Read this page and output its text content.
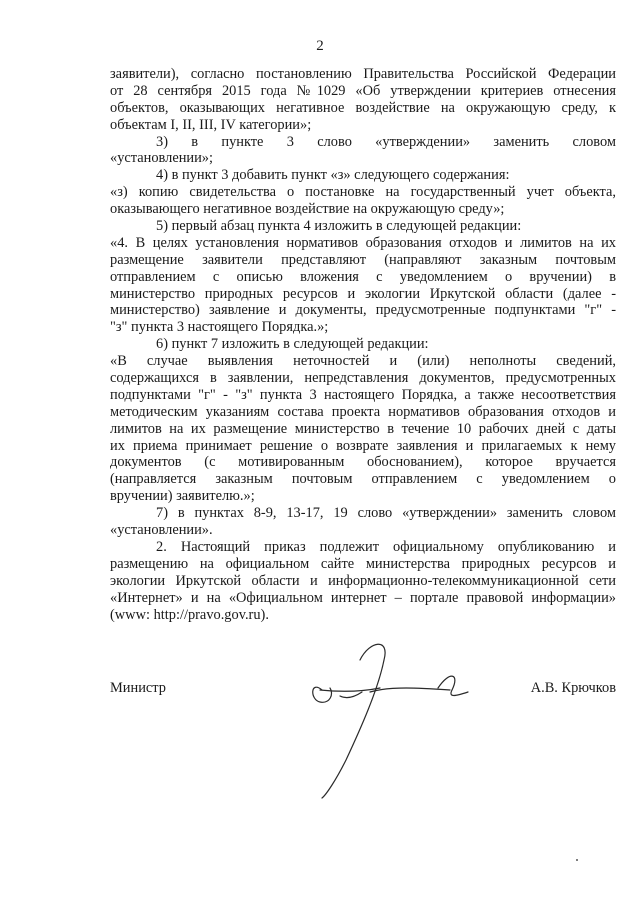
2
заявители), согласно постановлению Правительства Российской Федерации
от 28 сентября 2015 года №1029 «Об утверждении критериев отнесения
объектов, оказывающих негативное воздействие на окружающую среду, к
объектам I, II, III, IV категории»;
3) в пункте 3 слово «утверждении» заменить словом
«установлении»;
4) в пункт 3 добавить пункт «з» следующего содержания:
«з) копию свидетельства о постановке на государственный учет объекта,
оказывающего негативное воздействие на окружающую среду»;
5) первый абзац пункта 4 изложить в следующей редакции:
«4. В целях установления нормативов образования отходов и лимитов на их
размещение заявители представляют (направляют заказным почтовым
отправлением с описью вложения с уведомлением о вручении) в
министерство природных ресурсов и экологии Иркутской области (далее -
министерство) заявление и документы, предусмотренные подпунктами "г" -
"з" пункта 3 настоящего Порядка.»;
6) пункт 7 изложить в следующей редакции:
«В случае выявления неточностей и (или) неполноты сведений,
содержащихся в заявлении, непредставления документов, предусмотренных
подпунктами "г" - "з" пункта 3 настоящего Порядка, а также несоответствия
методическим указаниям состава проекта нормативов образования отходов и
лимитов на их размещение министерство в течение 10 рабочих дней с даты
их приема принимает решение о возврате заявления и прилагаемых к нему
документов (с мотивированным обоснованием), которое вручается
(направляется заказным почтовым отправлением с уведомлением о
вручении) заявителю.»;
7) в пунктах 8-9, 13-17, 19 слово «утверждении» заменить словом
«установлении».
2. Настоящий приказ подлежит официальному опубликованию и
размещению на официальном сайте министерства природных ресурсов и
экологии Иркутской области и информационно-телекоммуникационной сети
«Интернет» и на «Официальном интернет – портале правовой информации»
(www: http://pravo.gov.ru).
Министр	А.В. Крючков
